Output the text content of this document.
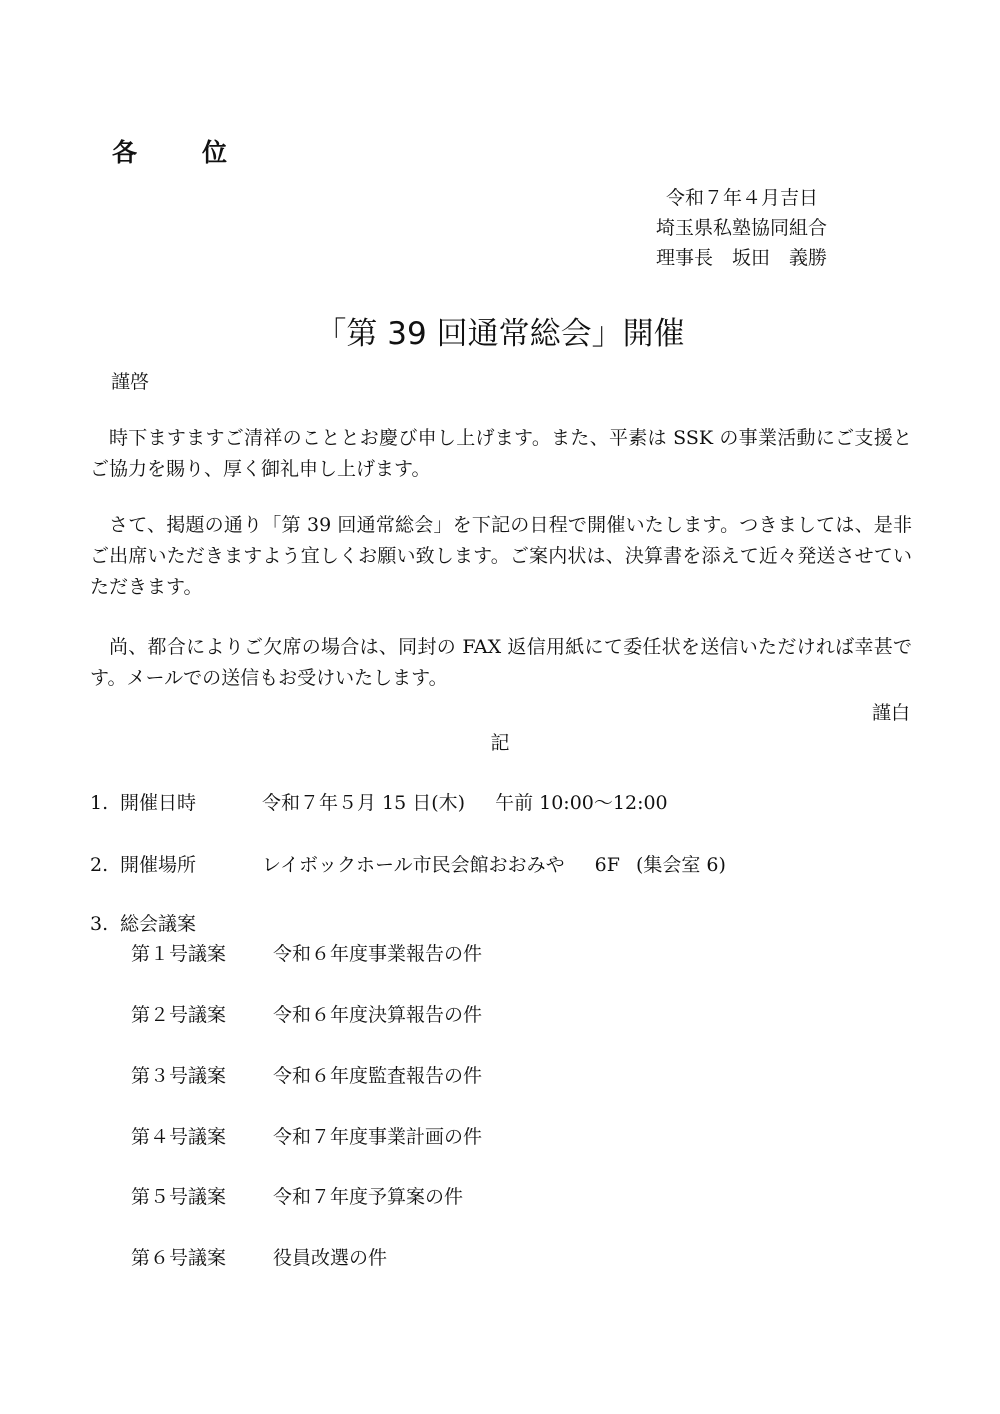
各　位
令和７年４月吉日
埼玉県私塾協同組合
理事長　坂田　義勝
「第 39 回通常総会」開催
謹啓

時下ますますご清祥のこととお慶び申し上げます。また、平素は SSK の事業活動にご支援とご協力を賜り、厚く御礼申し上げます。

さて、掲題の通り「第 39 回通常総会」を下記の日程で開催いたします。つきましては、是非ご出席いただきますよう宜しくお願い致します。ご案内状は、決算書を添えて近々発送させていただきます。

尚、都合によりご欠席の場合は、同封の FAX 返信用紙にて委任状を送信いただければ幸甚です。メールでの送信もお受けいたします。

謹白
記
1. 開催日時	令和７年５月 15 日(木) 午前 10:00～12:00
2. 開催場所	レイボックホール市民会館おおみや 6F (集会室 6)
3. 総会議案
第１号議案 令和６年度事業報告の件
第２号議案 令和６年度決算報告の件
第３号議案 令和６年度監査報告の件
第４号議案 令和７年度事業計画の件
第５号議案 令和７年度予算案の件
第６号議案 役員改選の件
